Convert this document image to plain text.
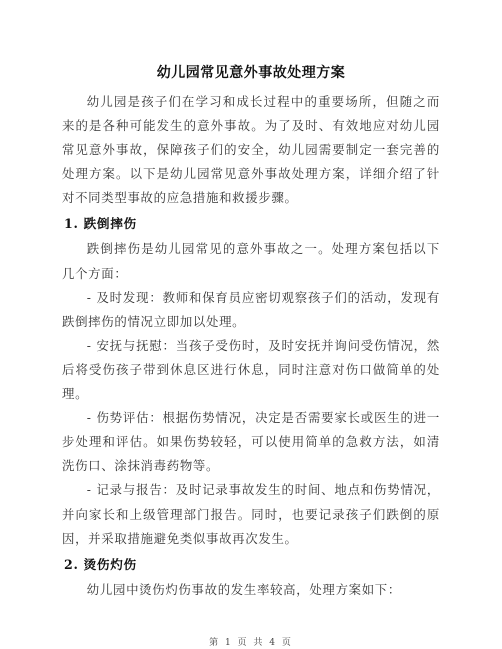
幼儿园常见意外事故处理方案

幼儿园是孩子们在学习和成长过程中的重要场所，但随之而来的是各种可能发生的意外事故。为了及时、有效地应对幼儿园常见意外事故，保障孩子们的安全，幼儿园需要制定一套完善的处理方案。以下是幼儿园常见意外事故处理方案，详细介绍了针对不同类型事故的应急措施和救援步骤。

1. 跌倒摔伤

跌倒摔伤是幼儿园常见的意外事故之一。处理方案包括以下几个方面：

- 及时发现：教师和保育员应密切观察孩子们的活动，发现有跌倒摔伤的情况立即加以处理。

- 安抚与抚慰：当孩子受伤时，及时安抚并询问受伤情况，然后将受伤孩子带到休息区进行休息，同时注意对伤口做简单的处理。

- 伤势评估：根据伤势情况，决定是否需要家长或医生的进一步处理和评估。如果伤势较轻，可以使用简单的急救方法，如清洗伤口、涂抹消毒药物等。

- 记录与报告：及时记录事故发生的时间、地点和伤势情况，并向家长和上级管理部门报告。同时，也要记录孩子们跌倒的原因，并采取措施避免类似事故再次发生。

2. 烫伤灼伤

幼儿园中烫伤灼伤事故的发生率较高，处理方案如下：

第 1 页 共 4 页
